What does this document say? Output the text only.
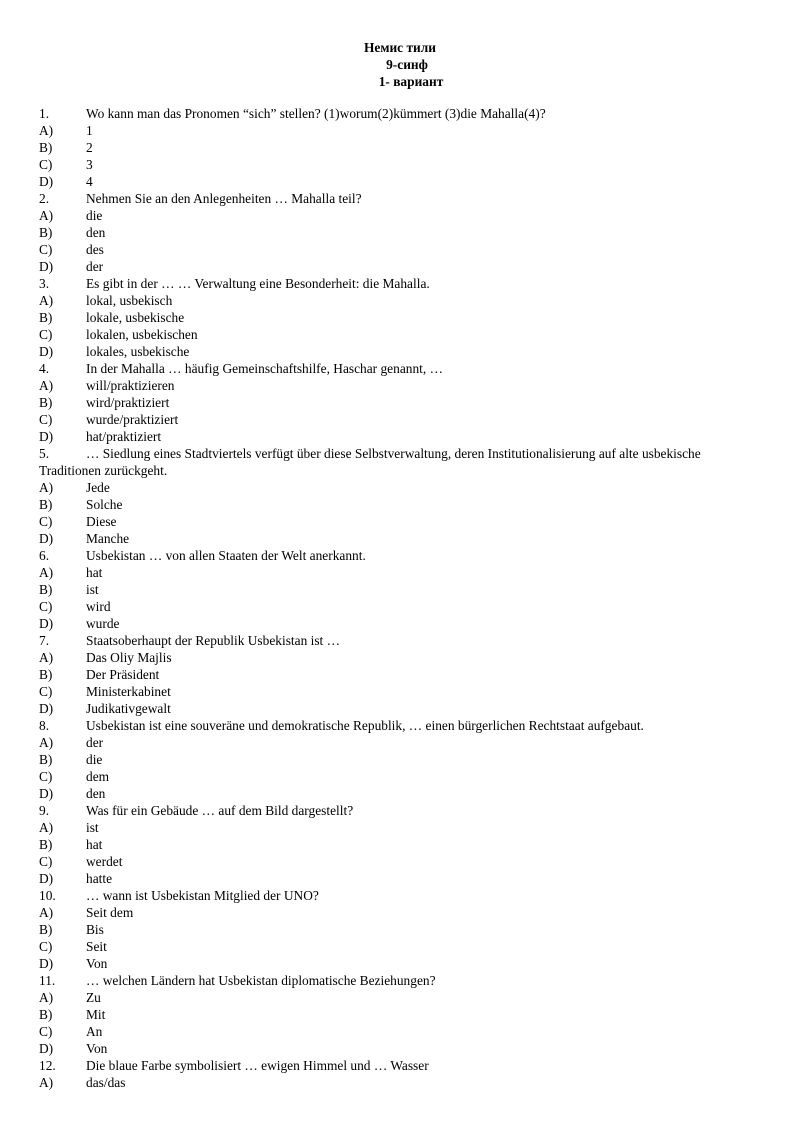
Немис тили
9-синф
1- вариант
1.	Wo kann man das Pronomen “sich” stellen? (1)worum(2)kümmert (3)die Mahalla(4)?
A)	1
B)	2
C)	3
D)	4
2.	Nehmen Sie an den Anlegenheiten … Mahalla teil?
A)	die
B)	den
C)	des
D)	der
3.	Es gibt in der … … Verwaltung eine Besonderheit: die Mahalla.
A)	lokal, usbekisch
B)	lokale, usbekische
C)	lokalen, usbekischen
D)	lokales, usbekische
4.	In der Mahalla … häufig Gemeinschaftshilfe, Haschar genannt, …
A)	will/praktizieren
B)	wird/praktiziert
C)	wurde/praktiziert
D)	hat/praktiziert
5.	… Siedlung eines Stadtviertels verfügt über diese Selbstverwaltung, deren Institutionalisierung auf alte usbekische Traditionen zurückgeht.
A)	Jede
B)	Solche
C)	Diese
D)	Manche
6.	Usbekistan … von allen Staaten der Welt anerkannt.
A)	hat
B)	ist
C)	wird
D)	wurde
7.	Staatsoberhaupt der Republik Usbekistan ist …
A)	Das Oliy Majlis
B)	Der Präsident
C)	Ministerkabinet
D)	Judikativgewalt
8.	Usbekistan ist eine souveräne und demokratische Republik, … einen bürgerlichen Rechtstaat aufgebaut.
A)	der
B)	die
C)	dem
D)	den
9.	Was für ein Gebäude … auf dem Bild dargestellt?
A)	ist
B)	hat
C)	werdet
D)	hatte
10.	… wann ist Usbekistan Mitglied der UNO?
A)	Seit dem
B)	Bis
C)	Seit
D)	Von
11.	… welchen Ländern hat Usbekistan diplomatische Beziehungen?
A)	Zu
B)	Mit
C)	An
D)	Von
12.	Die blaue Farbe symbolisiert … ewigen Himmel und … Wasser
A)	das/das
